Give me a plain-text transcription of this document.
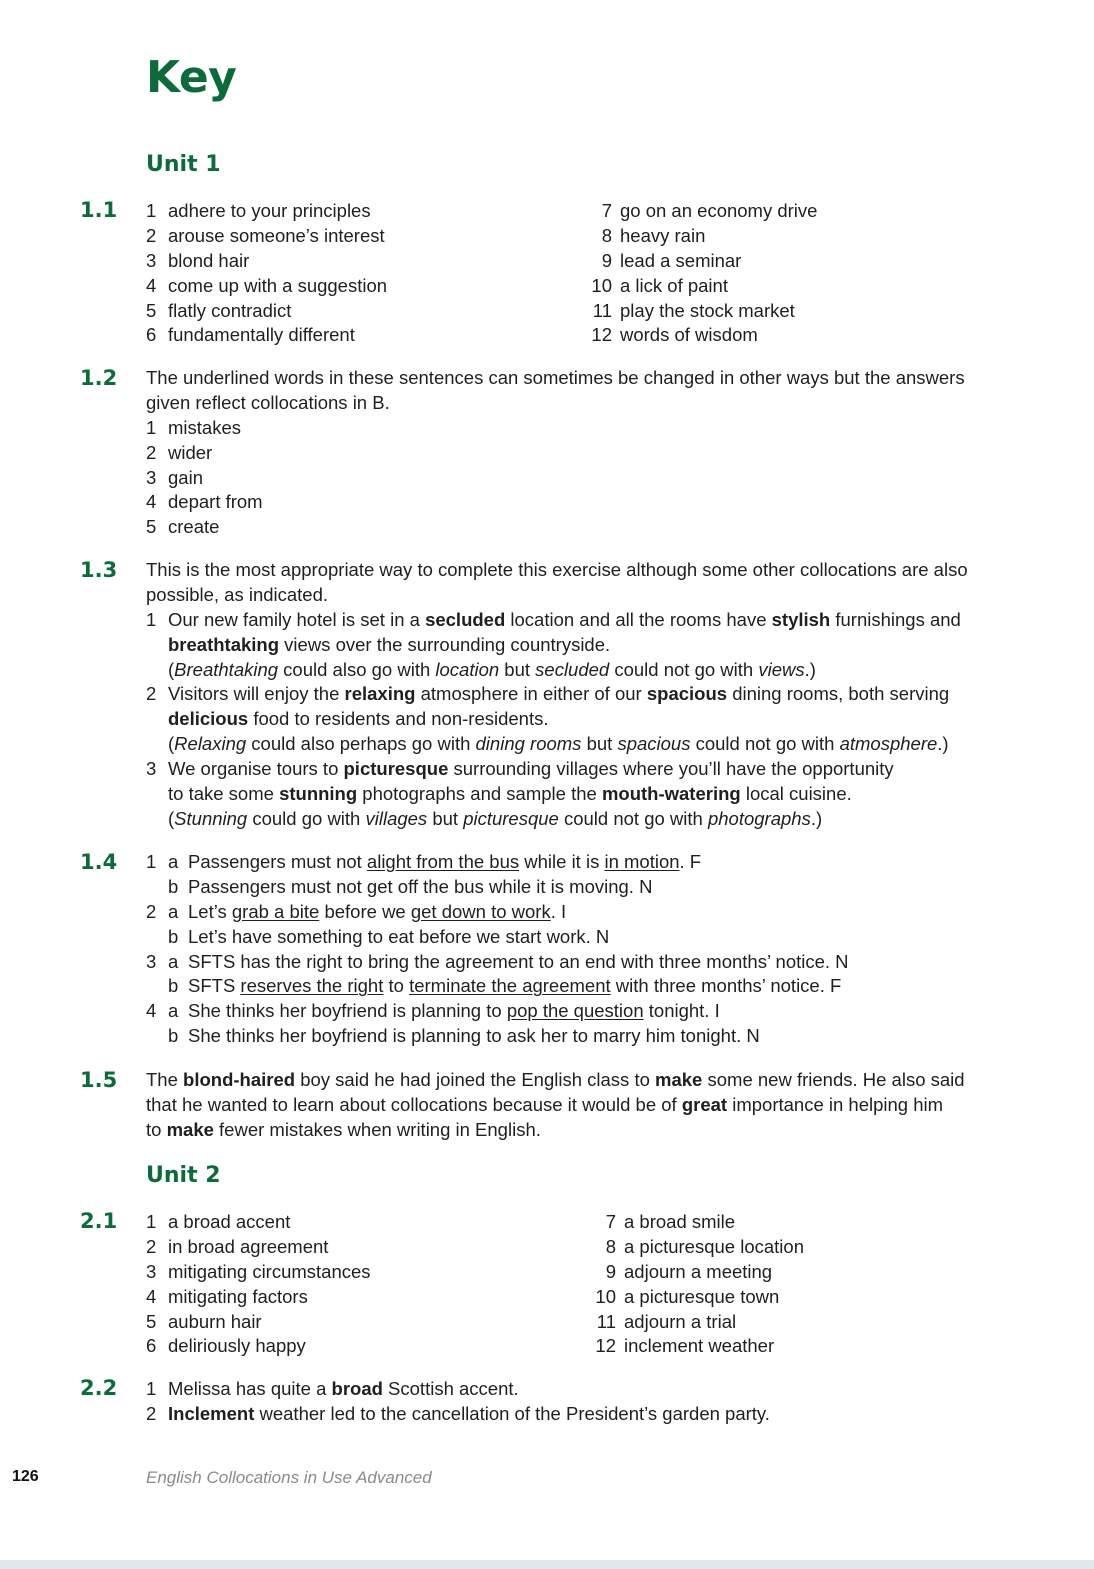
Key
Unit 1
1.1 1 adhere to your principles
2 arouse someone’s interest
3 blond hair
4 come up with a suggestion
5 flatly contradict
6 fundamentally different
7 go on an economy drive
8 heavy rain
9 lead a seminar
10 a lick of paint
11 play the stock market
12 words of wisdom
1.2 The underlined words in these sentences can sometimes be changed in other ways but the answers
given reflect collocations in B.
1 mistakes
2 wider
3 gain
4 depart from
5 create
1.3 This is the most appropriate way to complete this exercise although some other collocations are also
possible, as indicated.
1 Our new family hotel is set in a secluded location and all the rooms have stylish furnishings and
breathtaking views over the surrounding countryside.
(Breathtaking could also go with location but secluded could not go with views.)
2 Visitors will enjoy the relaxing atmosphere in either of our spacious dining rooms, both serving
delicious food to residents and non-residents.
(Relaxing could also perhaps go with dining rooms but spacious could not go with atmosphere.)
3 We organise tours to picturesque surrounding villages where you’ll have the opportunity
to take some stunning photographs and sample the mouth-watering local cuisine.
(Stunning could go with villages but picturesque could not go with photographs.)
1.4 1 a Passengers must not alight from the bus while it is in motion. F
b Passengers must not get off the bus while it is moving. N
2 a Let’s grab a bite before we get down to work. I
b Let’s have something to eat before we start work. N
3 a SFTS has the right to bring the agreement to an end with three months’ notice. N
b SFTS reserves the right to terminate the agreement with three months’ notice. F
4 a She thinks her boyfriend is planning to pop the question tonight. I
b She thinks her boyfriend is planning to ask her to marry him tonight. N
1.5 The blond-haired boy said he had joined the English class to make some new friends. He also said
that he wanted to learn about collocations because it would be of great importance in helping him
to make fewer mistakes when writing in English.
Unit 2
2.1 1 a broad accent
2 in broad agreement
3 mitigating circumstances
4 mitigating factors
5 auburn hair
6 deliriously happy
7 a broad smile
8 a picturesque location
9 adjourn a meeting
10 a picturesque town
11 adjourn a trial
12 inclement weather
2.2 1 Melissa has quite a broad Scottish accent.
2 Inclement weather led to the cancellation of the President’s garden party.
126	English Collocations in Use Advanced
